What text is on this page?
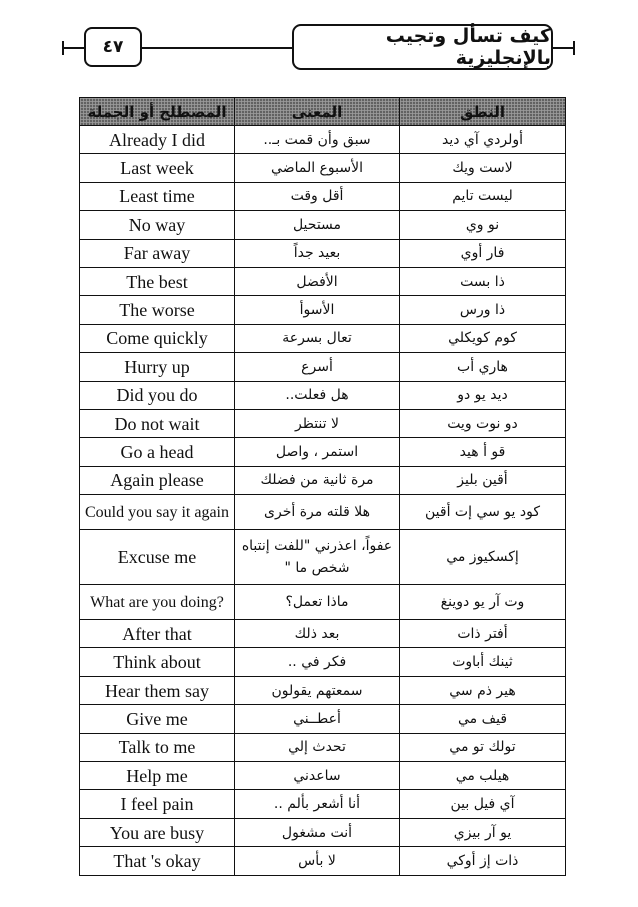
٤٧	كيف تسأل وتجيب بالإنجليزية
المصطلح أو الجملة	المعنى	النطق
Already I did	سبق وأن قمت بـ..	أولردي آي ديد
Last week	الأسبوع الماضي	لاست ويك
Least time	أقل وقت	ليست تايم
No way	مستحيل	نو وي
Far away	بعيد جداً	فار أوي
The best	الأفضل	ذا بست
The worse	الأسوأ	ذا ورس
Come quickly	تعال بسرعة	كوم كويكلي
Hurry up	أسرع	هاري أب
Did you do	هل فعلت..	ديد يو دو
Do not wait	لا تنتظر	دو نوت ويت
Go a head	استمر ، واصل	قو أ هيد
Again please	مرة ثانية من فضلك	أقين بليز
Could you say it again	هلا قلته مرة أخرى	كود يو سي إت أقين
Excuse me	عفواً، اعذرني "للفت إنتباه شخص ما "	إكسكيوز مي
What are you doing?	ماذا تعمل؟	وت آر يو دوينغ
After that	بعد ذلك	أفتر ذات
Think about	فكر في ..	ثينك أباوت
Hear them say	سمعتهم يقولون	هير ذم سي
Give me	أعطــني	قيف مي
Talk to me	تحدث إلي	تولك تو مي
Help me	ساعدني	هيلب مي
I feel pain	أنا أشعر بألم ..	آي فيل بين
You are busy	أنت مشغول	يو آر بيزي
That 's okay	لا بأس	ذات إز أوكي
